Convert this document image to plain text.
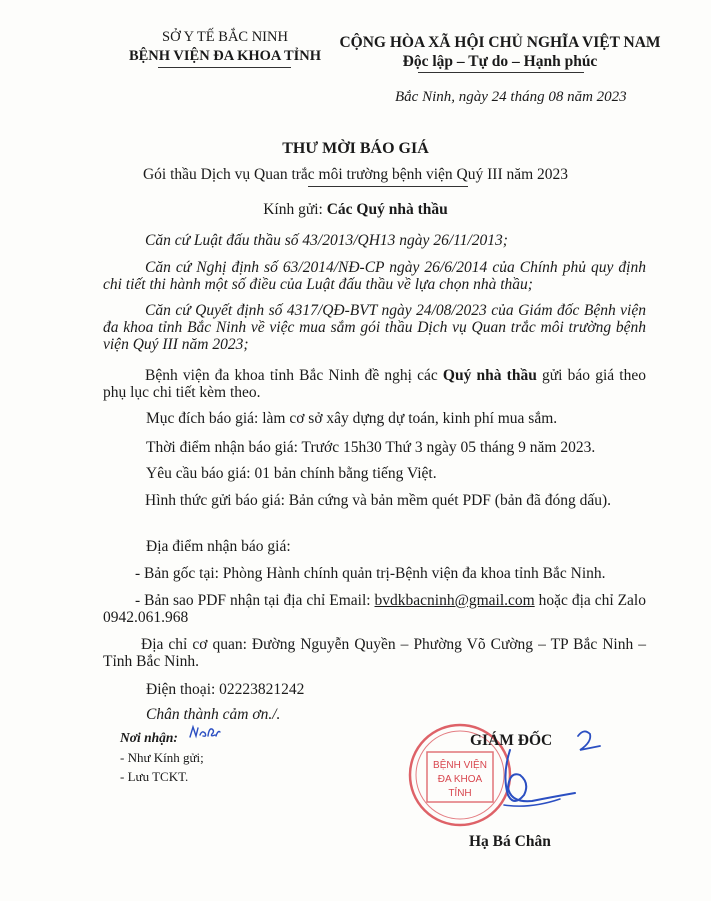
SỞ Y TẾ BẮC NINH
BỆNH VIỆN ĐA KHOA TỈNH
CỘNG HÒA XÃ HỘI CHỦ NGHĨA VIỆT NAM
Độc lập – Tự do – Hạnh phúc
Bắc Ninh, ngày 24 tháng 08 năm 2023
THƯ MỜI BÁO GIÁ
Gói thầu Dịch vụ Quan trắc môi trường bệnh viện Quý III năm 2023
Kính gửi: Các Quý nhà thầu
Căn cứ Luật đấu thầu số 43/2013/QH13 ngày 26/11/2013;
Căn cứ Nghị định số 63/2014/NĐ-CP ngày 26/6/2014 của Chính phủ quy định chi tiết thi hành một số điều của Luật đấu thầu về lựa chọn nhà thầu;
Căn cứ Quyết định số 4317/QĐ-BVT ngày 24/08/2023 của Giám đốc Bệnh viện đa khoa tỉnh Bắc Ninh về việc mua sắm gói thầu Dịch vụ Quan trắc môi trường bệnh viện Quý III năm 2023;
Bệnh viện đa khoa tỉnh Bắc Ninh đề nghị các Quý nhà thầu gửi báo giá theo phụ lục chi tiết kèm theo.
Mục đích báo giá: làm cơ sở xây dựng dự toán, kinh phí mua sắm.
Thời điểm nhận báo giá: Trước 15h30 Thứ 3 ngày 05 tháng 9 năm 2023.
Yêu cầu báo giá: 01 bản chính bằng tiếng Việt.
Hình thức gửi báo giá: Bản cứng và bản mềm quét PDF (bản đã đóng dấu).
Địa điểm nhận báo giá:
- Bản gốc tại: Phòng Hành chính quản trị-Bệnh viện đa khoa tỉnh Bắc Ninh.
- Bản sao PDF nhận tại địa chỉ Email: bvdkbacninh@gmail.com hoặc địa chỉ Zalo 0942.061.968
Địa chỉ cơ quan: Đường Nguyễn Quyền – Phường Võ Cường – TP Bắc Ninh – Tỉnh Bắc Ninh.
Điện thoại: 02223821242
Chân thành cảm ơn./.
Nơi nhận:
- Như Kính gửi;
- Lưu TCKT.
BỆNH VIỆN
ĐA KHOA
TỈNH
GIÁM ĐỐC
Hạ Bá Chân
